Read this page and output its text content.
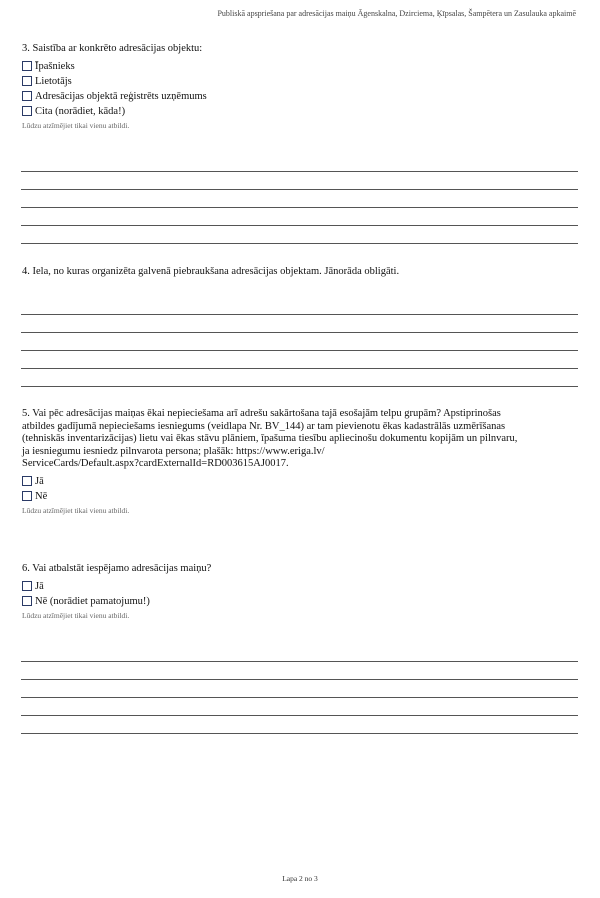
Publiskā apspriešana par adresācijas maiņu Āgenskalna, Dzirciema, Ķīpsalas, Šampētera un Zasulauka apkaimē

3. Saistība ar konkrēto adresācijas objektu:

Īpašnieks
Lietotājs
Adresācijas objektā reģistrēts uzņēmums
Cita (norādiet, kāda!)
Lūdzu atzīmējiet tikai vienu atbildi.

4. Iela, no kuras organizēta galvenā piebraukšana adresācijas objektam. Jānorāda obligāti.

5. Vai pēc adresācijas maiņas ēkai nepieciešama arī adrešu sakārtošana tajā esošajām telpu grupām? Apstiprinošas
atbildes gadījumā nepieciešams iesniegums (veidlapa Nr. BV_144) ar tam pievienotu ēkas kadastrālās uzmērīšanas
(tehniskās inventarizācijas) lietu vai ēkas stāvu plāniem, īpašuma tiesību apliecinošu dokumentu kopijām un pilnvaru,
ja iesniegumu iesniedz pilnvarota persona; plašāk: https://www.eriga.lv/
ServiceCards/Default.aspx?cardExternalId=RD003615AJ0017.
Jā
Nē
Lūdzu atzīmējiet tikai vienu atbildi.

6. Vai atbalstāt iespējamo adresācijas maiņu?

Jā
Nē (norādiet pamatojumu!)
Lūdzu atzīmējiet tikai vienu atbildi.
Lapa 2 no 3
